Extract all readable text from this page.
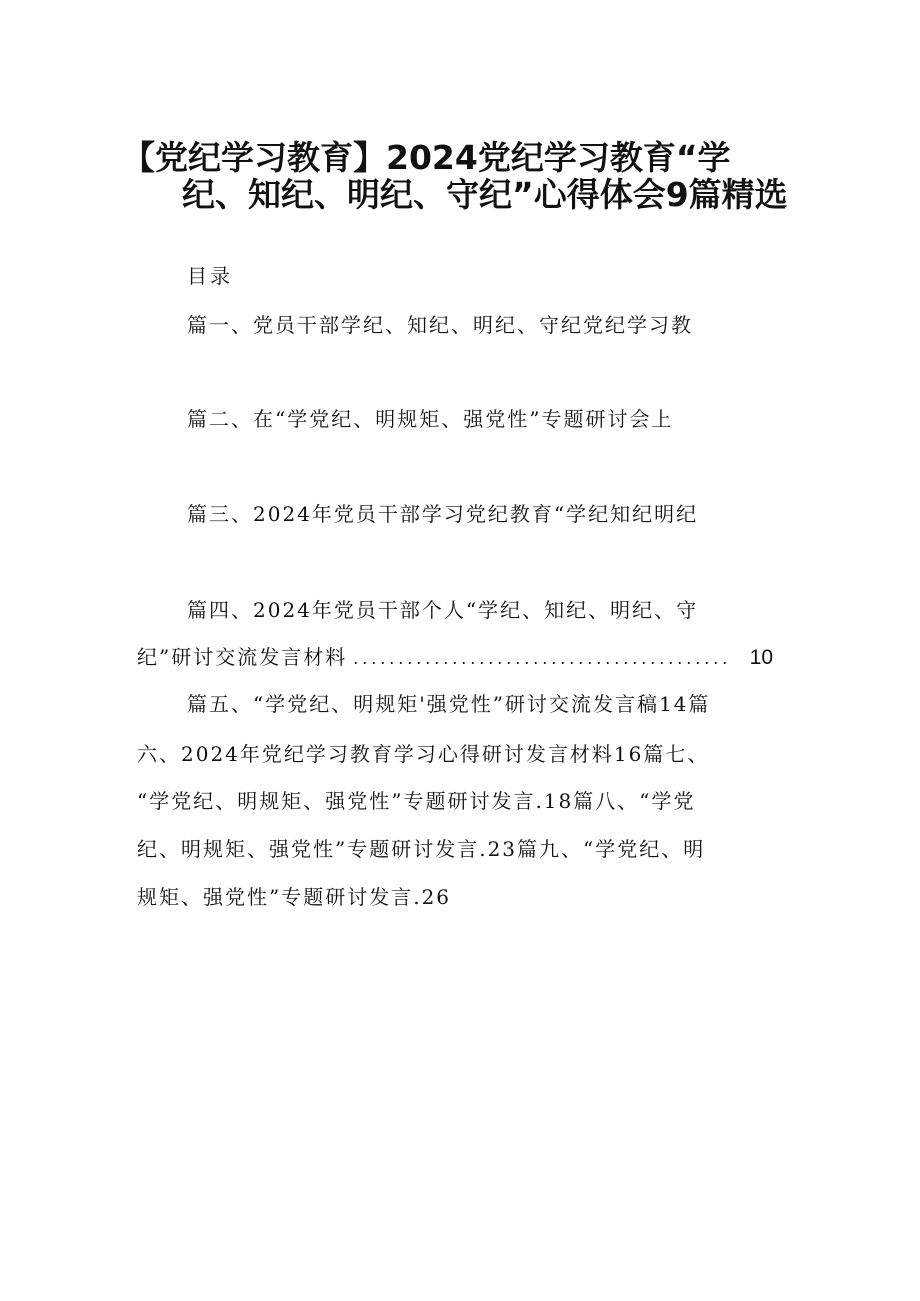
【党纪学习教育】2024党纪学习教育“学
纪、知纪、明纪、守纪”心得体会9篇精选
目录
篇一、党员干部学纪、知纪、明纪、守纪党纪学习教
篇二、在“学党纪、明规矩、强党性”专题研讨会上
篇三、2024年党员干部学习党纪教育“学纪知纪明纪
篇四、2024年党员干部个人“学纪、知纪、明纪、守
纪”研讨交流发言材料 .......................................... 10
篇五、“学党纪、明规矩'强党性”研讨交流发言稿14篇
六、2024年党纪学习教育学习心得研讨发言材料16篇七、
“学党纪、明规矩、强党性”专题研讨发言.18篇八、“学党
纪、明规矩、强党性”专题研讨发言.23篇九、“学党纪、明
规矩、强党性”专题研讨发言.26
